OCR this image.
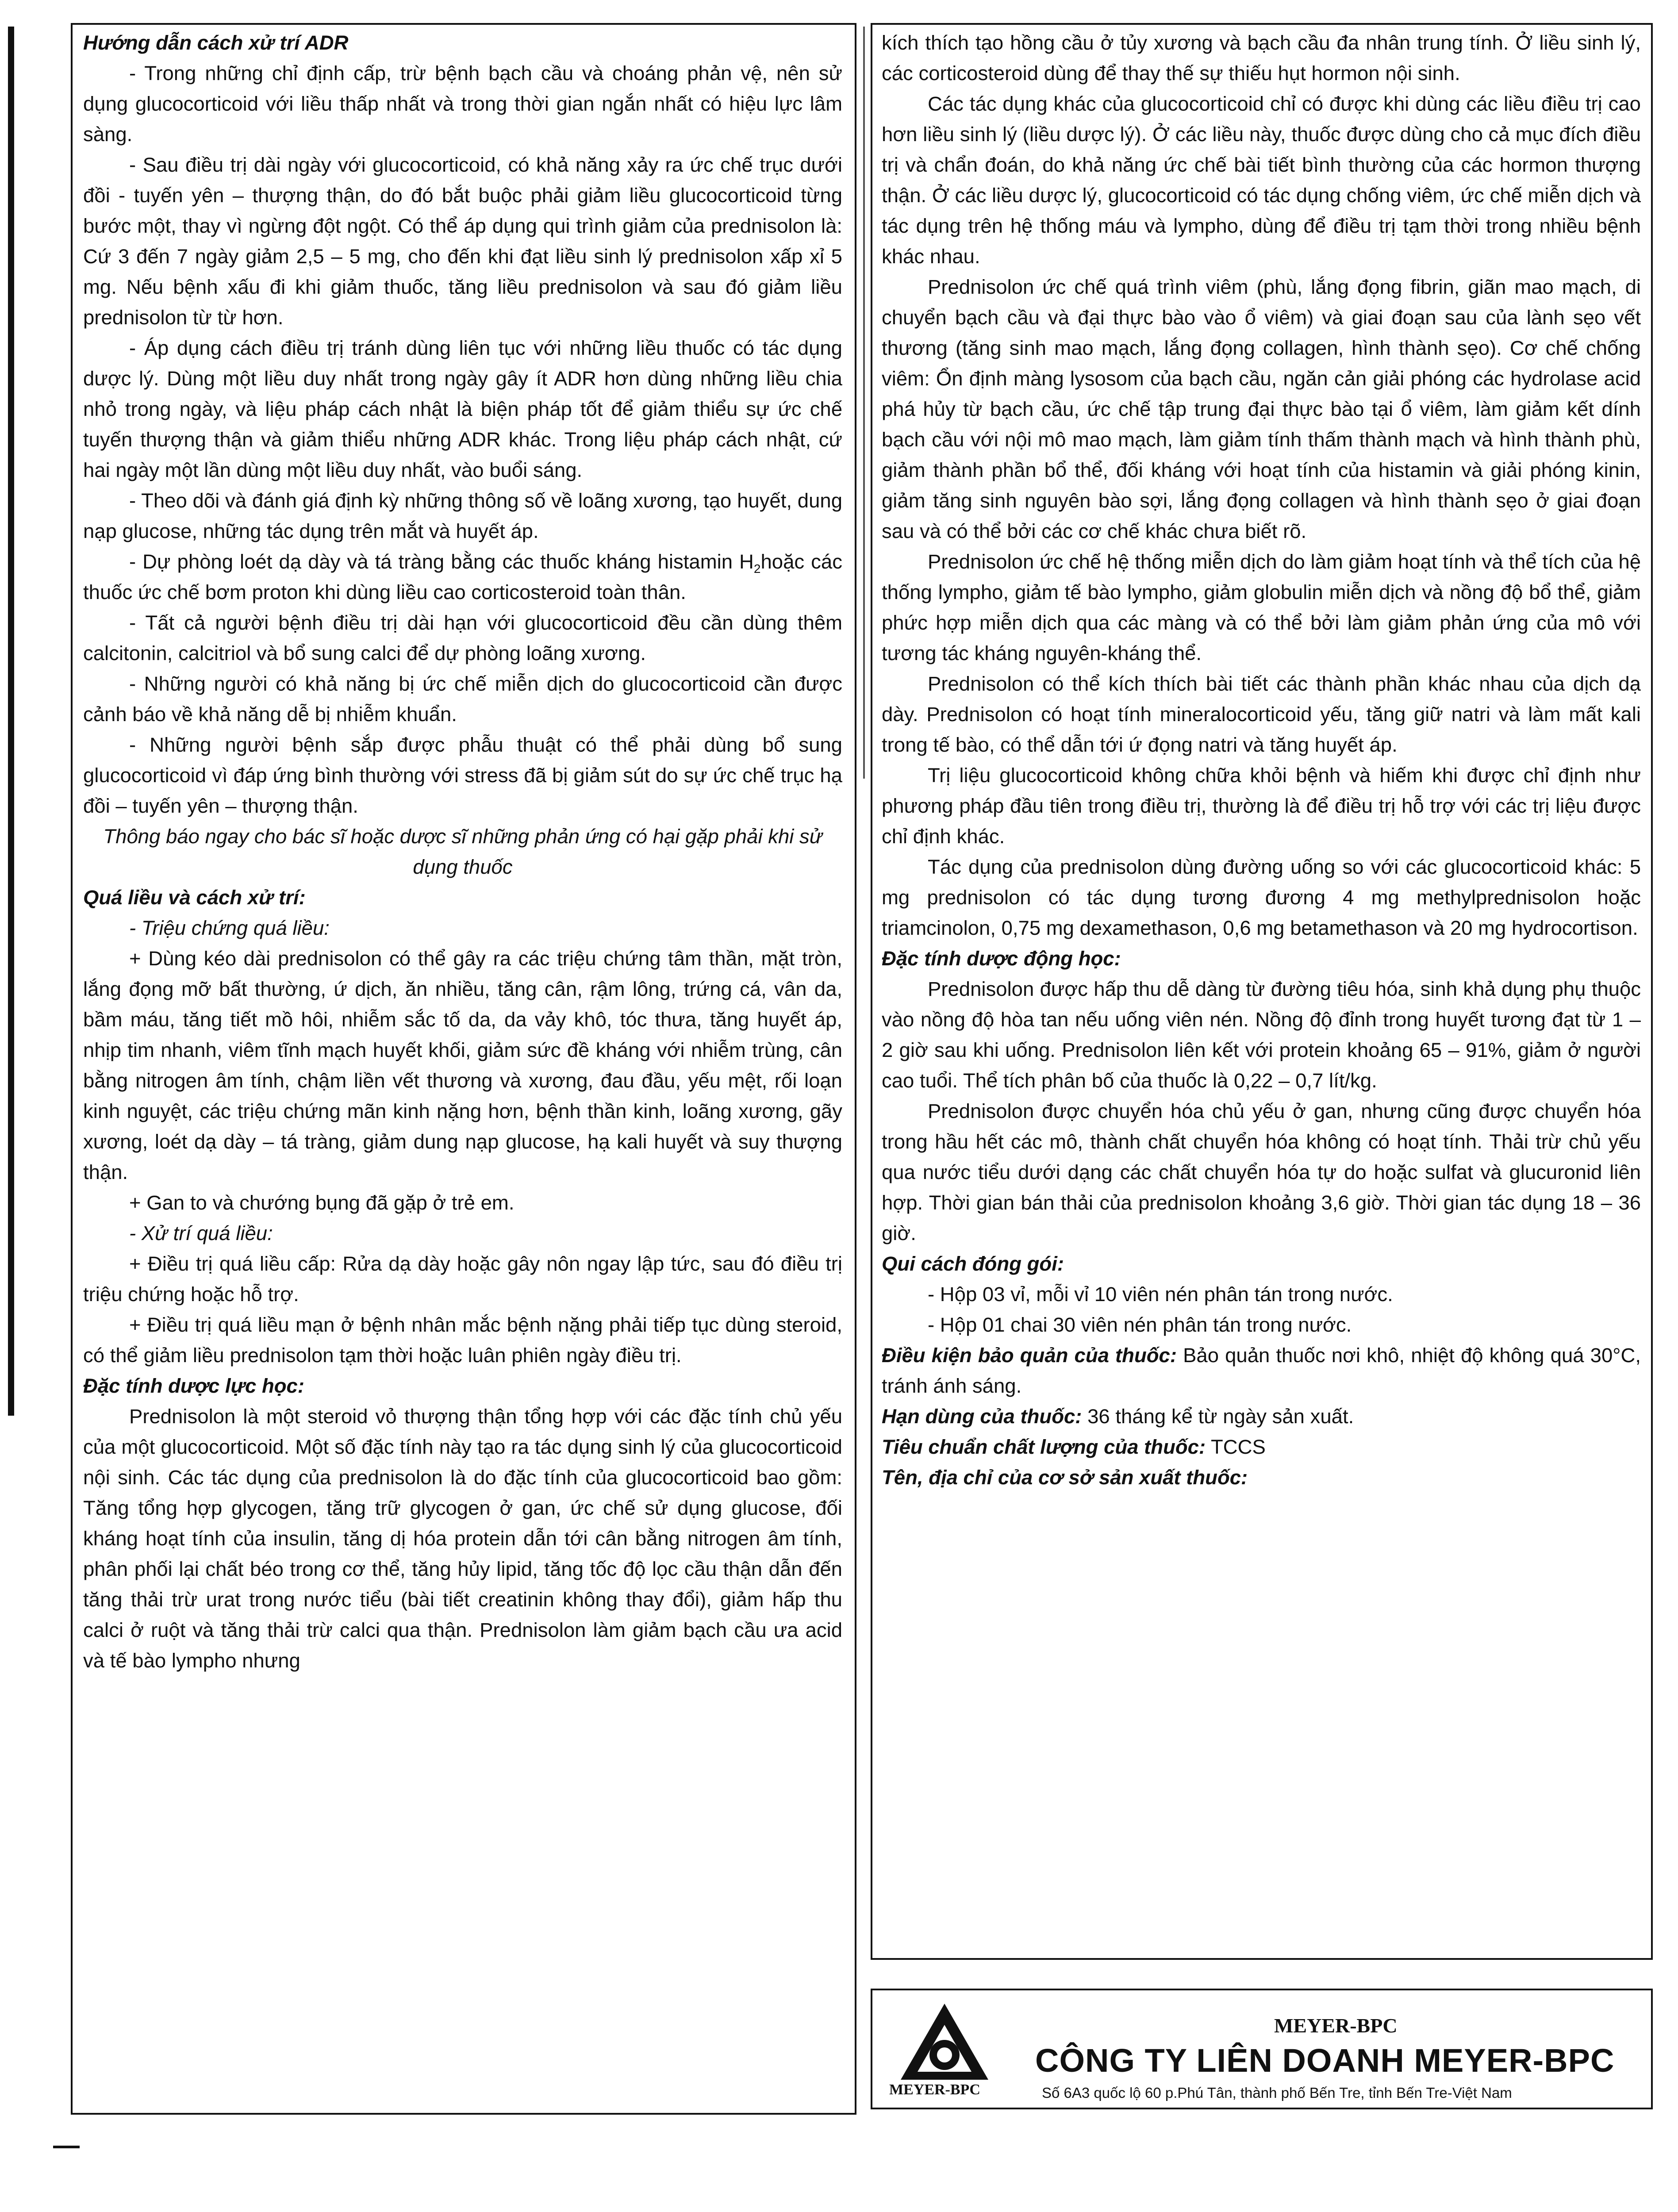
Hướng dẫn cách xử trí ADR

- Trong những chỉ định cấp, trừ bệnh bạch cầu và choáng phản vệ, nên sử dụng glucocorticoid với liều thấp nhất và trong thời gian ngắn nhất có hiệu lực lâm sàng.

- Sau điều trị dài ngày với glucocorticoid, có khả năng xảy ra ức chế trục dưới đồi - tuyến yên – thượng thận, do đó bắt buộc phải giảm liều glucocorticoid từng bước một, thay vì ngừng đột ngột. Có thể áp dụng qui trình giảm của prednisolon là: Cứ 3 đến 7 ngày giảm 2,5 – 5 mg, cho đến khi đạt liều sinh lý prednisolon xấp xỉ 5 mg. Nếu bệnh xấu đi khi giảm thuốc, tăng liều prednisolon và sau đó giảm liều prednisolon từ từ hơn.

- Áp dụng cách điều trị tránh dùng liên tục với những liều thuốc có tác dụng dược lý. Dùng một liều duy nhất trong ngày gây ít ADR hơn dùng những liều chia nhỏ trong ngày, và liệu pháp cách nhật là biện pháp tốt để giảm thiểu sự ức chế tuyến thượng thận và giảm thiểu những ADR khác. Trong liệu pháp cách nhật, cứ hai ngày một lần dùng một liều duy nhất, vào buổi sáng.

- Theo dõi và đánh giá định kỳ những thông số về loãng xương, tạo huyết, dung nạp glucose, những tác dụng trên mắt và huyết áp.

- Dự phòng loét dạ dày và tá tràng bằng các thuốc kháng histamin $H_2hoặc$ các thuốc ức chế bơm proton khi dùng liều cao corticosteroid toàn thân.

- Tất cả người bệnh điều trị dài hạn với glucocorticoid đều cần dùng thêm calcitonin, calcitriol và bổ sung calci để dự phòng loãng xương.

- Những người có khả năng bị ức chế miễn dịch do glucocorticoid cần được cảnh báo về khả năng dễ bị nhiễm khuẩn.

- Những người bệnh sắp được phẫu thuật có thể phải dùng bổ sung glucocorticoid vì đáp ứng bình thường với stress đã bị giảm sút do sự ức chế trục hạ đồi – tuyến yên – thượng thận.

Thông báo ngay cho bác sĩ hoặc dược sĩ những phản ứng có hại gặp phải khi sử dụng thuốc

Quá liều và cách xử trí:

- Triệu chứng quá liều:

+ Dùng kéo dài prednisolon có thể gây ra các triệu chứng tâm thần, mặt tròn, lắng đọng mỡ bất thường, ứ dịch, ăn nhiều, tăng cân, rậm lông, trứng cá, vân da, bầm máu, tăng tiết mồ hôi, nhiễm sắc tố da, da vảy khô, tóc thưa, tăng huyết áp, nhịp tim nhanh, viêm tĩnh mạch huyết khối, giảm sức đề kháng với nhiễm trùng, cân bằng nitrogen âm tính, chậm liền vết thương và xương, đau đầu, yếu mệt, rối loạn kinh nguyệt, các triệu chứng mãn kinh nặng hơn, bệnh thần kinh, loãng xương, gãy xương, loét dạ dày – tá tràng, giảm dung nạp glucose, hạ kali huyết và suy thượng thận.

+ Gan to và chướng bụng đã gặp ở trẻ em.

- Xử trí quá liều:

+ Điều trị quá liều cấp: Rửa dạ dày hoặc gây nôn ngay lập tức, sau đó điều trị triệu chứng hoặc hỗ trợ.

+ Điều trị quá liều mạn ở bệnh nhân mắc bệnh nặng phải tiếp tục dùng steroid, có thể giảm liều prednisolon tạm thời hoặc luân phiên ngày điều trị.

Đặc tính dược lực học:

Prednisolon là một steroid vỏ thượng thận tổng hợp với các đặc tính chủ yếu của một glucocorticoid. Một số đặc tính này tạo ra tác dụng sinh lý của glucocorticoid nội sinh. Các tác dụng của prednisolon là do đặc tính của glucocorticoid bao gồm: Tăng tổng hợp glycogen, tăng trữ glycogen ở gan, ức chế sử dụng glucose, đối kháng hoạt tính của insulin, tăng dị hóa protein dẫn tới cân bằng nitrogen âm tính, phân phối lại chất béo trong cơ thể, tăng hủy lipid, tăng tốc độ lọc cầu thận dẫn đến tăng thải trừ urat trong nước tiểu (bài tiết creatinin không thay đổi), giảm hấp thu calci ở ruột và tăng thải trừ calci qua thận. Prednisolon làm giảm bạch cầu ưa acid và tế bào lympho nhưng

kích thích tạo hồng cầu ở tủy xương và bạch cầu đa nhân trung tính. Ở liều sinh lý, các corticosteroid dùng để thay thế sự thiếu hụt hormon nội sinh.

Các tác dụng khác của glucocorticoid chỉ có được khi dùng các liều điều trị cao hơn liều sinh lý (liều dược lý). Ở các liều này, thuốc được dùng cho cả mục đích điều trị và chẩn đoán, do khả năng ức chế bài tiết bình thường của các hormon thượng thận. Ở các liều dược lý, glucocorticoid có tác dụng chống viêm, ức chế miễn dịch và tác dụng trên hệ thống máu và lympho, dùng để điều trị tạm thời trong nhiều bệnh khác nhau.

Prednisolon ức chế quá trình viêm (phù, lắng đọng fibrin, giãn mao mạch, di chuyển bạch cầu và đại thực bào vào ổ viêm) và giai đoạn sau của lành sẹo vết thương (tăng sinh mao mạch, lắng đọng collagen, hình thành sẹo). Cơ chế chống viêm: Ổn định màng lysosom của bạch cầu, ngăn cản giải phóng các hydrolase acid phá hủy từ bạch cầu, ức chế tập trung đại thực bào tại ổ viêm, làm giảm kết dính bạch cầu với nội mô mao mạch, làm giảm tính thấm thành mạch và hình thành phù, giảm thành phần bổ thể, đối kháng với hoạt tính của histamin và giải phóng kinin, giảm tăng sinh nguyên bào sợi, lắng đọng collagen và hình thành sẹo ở giai đoạn sau và có thể bởi các cơ chế khác chưa biết rõ.

Prednisolon ức chế hệ thống miễn dịch do làm giảm hoạt tính và thể tích của hệ thống lympho, giảm tế bào lympho, giảm globulin miễn dịch và nồng độ bổ thể, giảm phức hợp miễn dịch qua các màng và có thể bởi làm giảm phản ứng của mô với tương tác kháng nguyên-kháng thể.

Prednisolon có thể kích thích bài tiết các thành phần khác nhau của dịch dạ dày. Prednisolon có hoạt tính mineralocorticoid yếu, tăng giữ natri và làm mất kali trong tế bào, có thể dẫn tới ứ đọng natri và tăng huyết áp.

Trị liệu glucocorticoid không chữa khỏi bệnh và hiếm khi được chỉ định như phương pháp đầu tiên trong điều trị, thường là để điều trị hỗ trợ với các trị liệu được chỉ định khác.

Tác dụng của prednisolon dùng đường uống so với các glucocorticoid khác: 5 mg prednisolon có tác dụng tương đương 4 mg methylprednisolon hoặc triamcinolon, 0,75 mg dexamethason, 0,6 mg betamethason và 20 mg hydrocortison.

Đặc tính dược động học:

Prednisolon được hấp thu dễ dàng từ đường tiêu hóa, sinh khả dụng phụ thuộc vào nồng độ hòa tan nếu uống viên nén. Nồng độ đỉnh trong huyết tương đạt từ 1 – 2 giờ sau khi uống. Prednisolon liên kết với protein khoảng 65 – 91%, giảm ở người cao tuổi. Thể tích phân bố của thuốc là 0,22 – 0,7 lít/kg.

Prednisolon được chuyển hóa chủ yếu ở gan, nhưng cũng được chuyển hóa trong hầu hết các mô, thành chất chuyển hóa không có hoạt tính. Thải trừ chủ yếu qua nước tiểu dưới dạng các chất chuyển hóa tự do hoặc sulfat và glucuronid liên hợp. Thời gian bán thải của prednisolon khoảng 3,6 giờ. Thời gian tác dụng 18 – 36 giờ.

Qui cách đóng gói:

- Hộp 03 vỉ, mỗi vỉ 10 viên nén phân tán trong nước.

- Hộp 01 chai 30 viên nén phân tán trong nước.

Điều kiện bảo quản của thuốc: Bảo quản thuốc nơi khô, nhiệt độ không quá 30°C, tránh ánh sáng.

Hạn dùng của thuốc: 36 tháng kể từ ngày sản xuất.

Tiêu chuẩn chất lượng của thuốc: TCCS

Tên, địa chỉ của cơ sở sản xuất thuốc:

MEYER-BPC
MEYER-BPC
CÔNG TY LIÊN DOANH MEYER-BPC
Số 6A3 quốc lộ 60 p.Phú Tân, thành phố Bến Tre, tỉnh Bến Tre-Việt Nam
